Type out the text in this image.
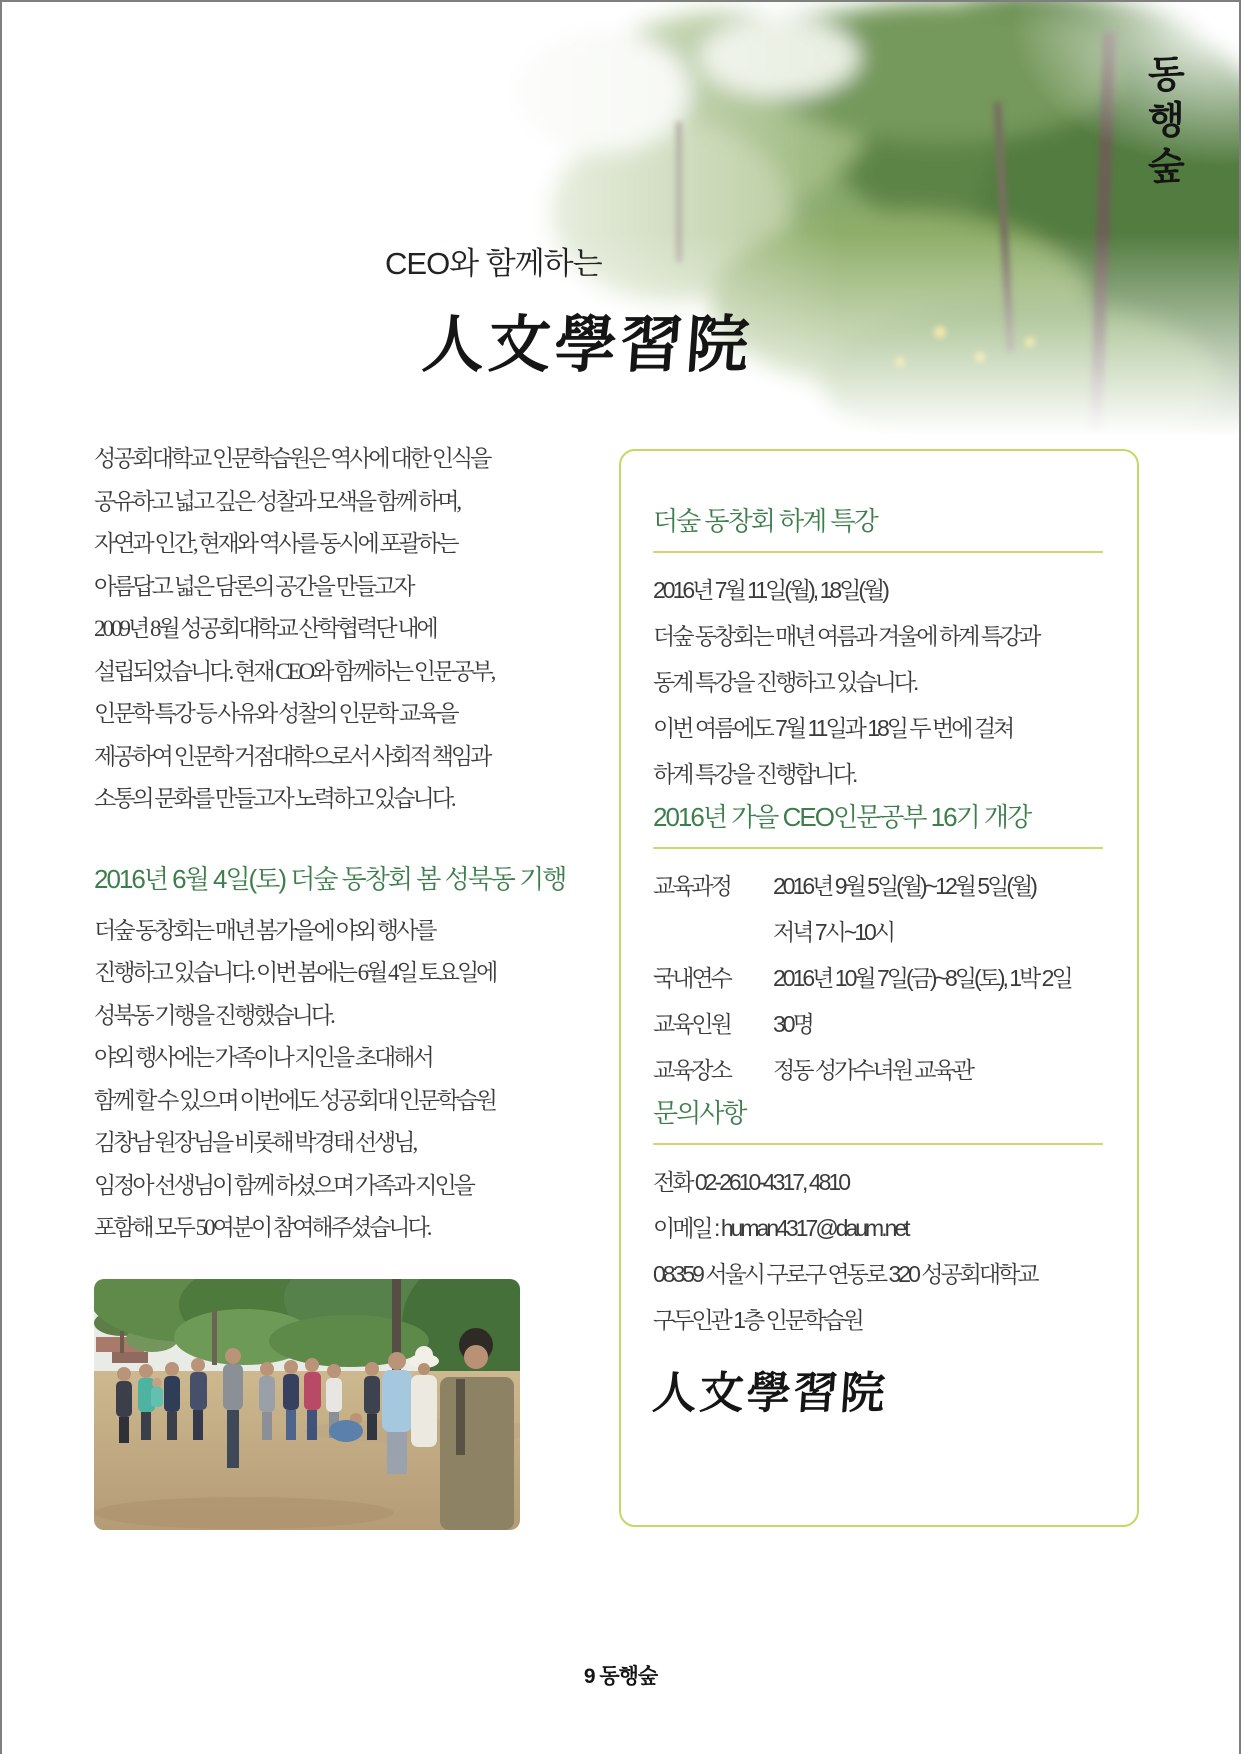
동행숲
CEO와 함께하는
人文學習院
성공회대학교 인문학습원은 역사에 대한 인식을
공유하고 넓고 깊은 성찰과 모색을 함께 하며,
자연과 인간, 현재와 역사를 동시에 포괄하는
아름답고 넓은 담론의 공간을 만들고자
2009년 8월 성공회대학교 산학협력단 내에
설립되었습니다. 현재 CEO와 함께하는 인문공부,
인문학 특강 등 사유와 성찰의 인문학 교육을
제공하여 인문학 거점대학으로서 사회적 책임과
소통의 문화를 만들고자 노력하고 있습니다.
2016년 6월 4일(토) 더숲 동창회 봄 성북동 기행
더숲 동창회는 매년 봄가을에 야외 행사를
진행하고 있습니다. 이번 봄에는 6월 4일 토요일에
성북동 기행을 진행했습니다.
야외 행사에는 가족이나 지인을 초대해서
함께 할 수 있으며 이번에도 성공회대 인문학습원
김창남 원장님을 비롯해 박경태 선생님,
임정아 선생님이 함께 하셨으며 가족과 지인을
포함해 모두 50여분이 참여해주셨습니다.
더숲 동창회 하계 특강
2016년 7월 11일(월), 18일(월)
더숲 동창회는 매년 여름과 겨울에 하계 특강과
동계 특강을 진행하고 있습니다.
이번 여름에도 7월 11일과 18일 두 번에 걸쳐
하계 특강을 진행합니다.
2016년 가을 CEO인문공부 16기 개강
교육과정	2016년 9월 5일(월)~12월 5일(월)
저녁 7시~10시
국내연수	2016년 10월 7일(금)~8일(토), 1박 2일
교육인원	30명
교육장소	정동 성가수녀원 교육관
문의사항
전화 02-2610-4317, 4810
이메일 : human4317@daum.net
08359 서울시 구로구 연동로 320 성공회대학교
구두인관 1층 인문학습원
人文學習院
9 동행숲
